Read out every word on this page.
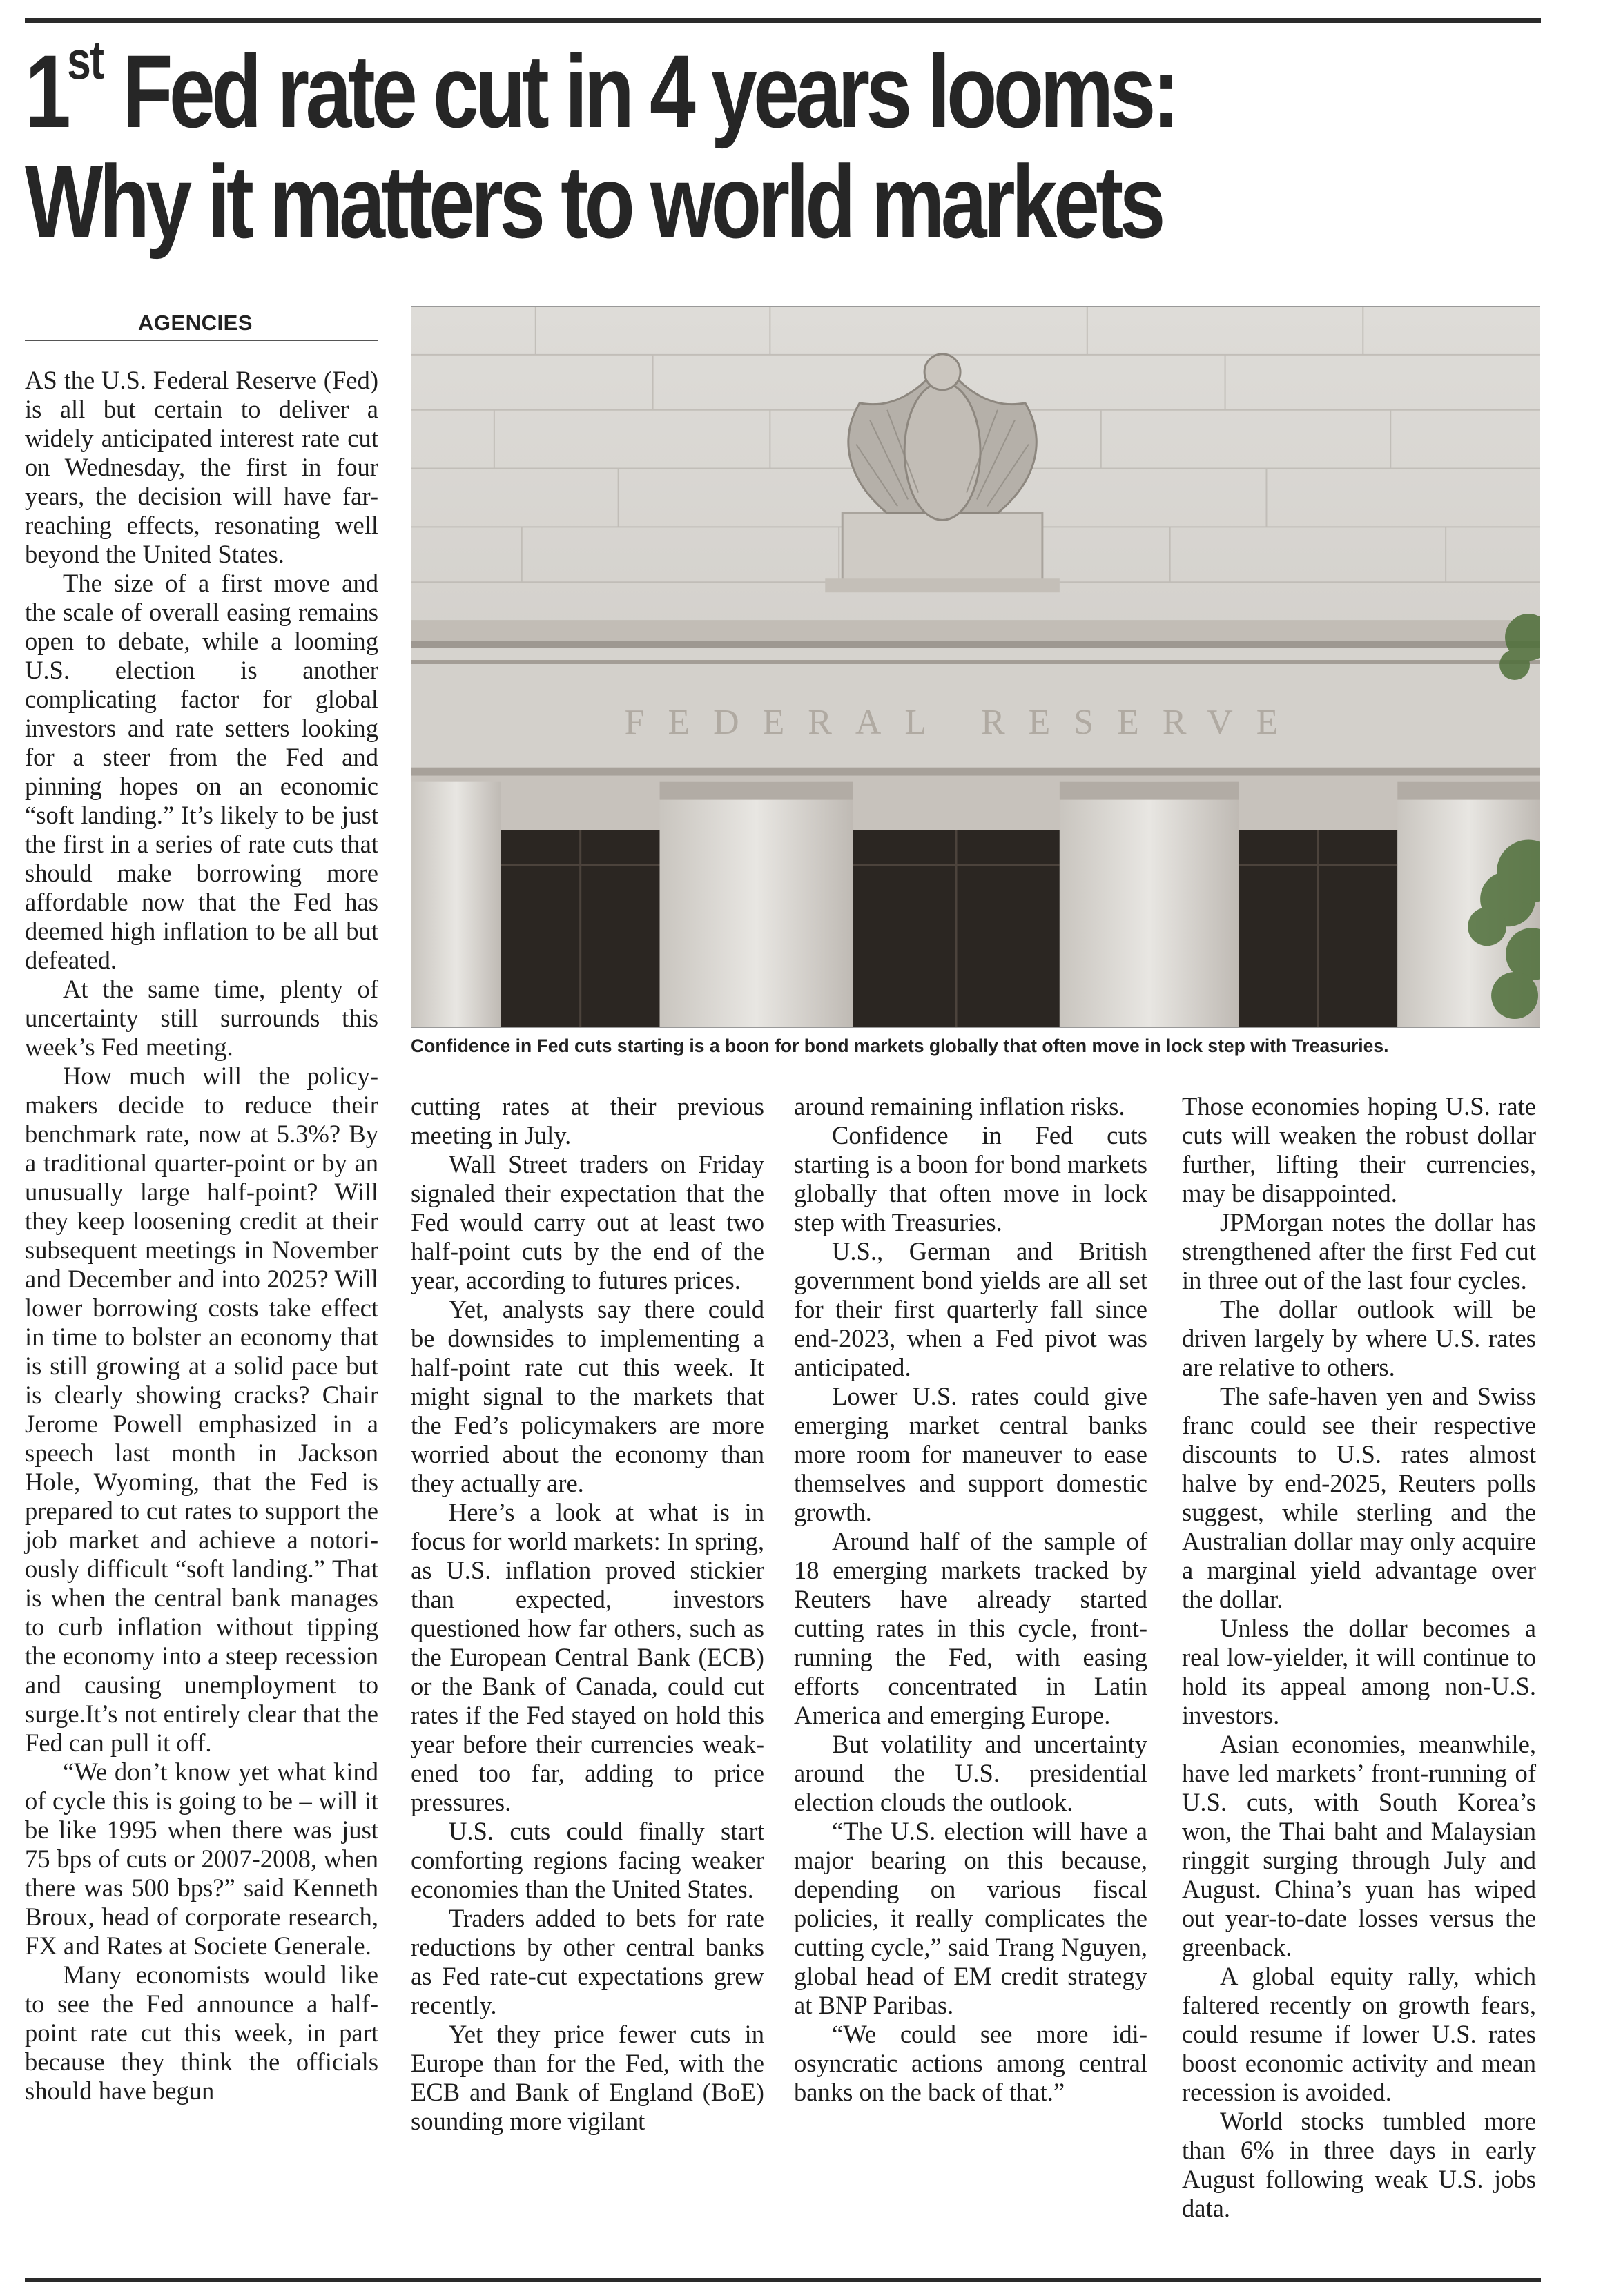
1st Fed rate cut in 4 years looms:
Why it matters to world markets
AGENCIES
FEDERAL RESERVE
Confidence in Fed cuts starting is a boon for bond markets globally that often move in lock step with Treasuries.

AS the U.S. Federal Reserve (Fed) is all but certain to deliver a widely anticipated interest rate cut on Wednesday, the first in four years, the decision will have far-reaching effects, resonating well beyond the United States.

The size of a first move and the scale of overall easing remains open to debate, while a looming U.S. election is another complicating factor for global investors and rate setters looking for a steer from the Fed and pinning hopes on an economic “soft landing.” It’s likely to be just the first in a series of rate cuts that should make borrowing more affordable now that the Fed has deemed high inflation to be all but defeated.

At the same time, plenty of uncertainty still surrounds this week’s Fed meeting.

How much will the policymakers decide to reduce their benchmark rate, now at 5.3%? By a traditional quarter-point or by an unusually large half-point? Will they keep loosening credit at their subsequent meetings in November and December and into 2025? Will lower borrowing costs take effect in time to bolster an economy that is still growing at a solid pace but is clearly showing cracks? Chair Jerome Powell emphasized in a speech last month in Jackson Hole, Wyoming, that the Fed is prepared to cut rates to support the job market and achieve a notoriously difficult “soft landing.” That is when the central bank manages to curb inflation without tipping the economy into a steep recession and causing unemployment to surge.It’s not entirely clear that the Fed can pull it off.

“We don’t know yet what kind of cycle this is going to be – will it be like 1995 when there was just 75 bps of cuts or 2007-2008, when there was 500 bps?” said Kenneth Broux, head of corporate research, FX and Rates at Societe Generale.

Many economists would like to see the Fed announce a half-point rate cut this week, in part because they think the officials should have begun

cutting rates at their previous meeting in July.

Wall Street traders on Friday signaled their expectation that the Fed would carry out at least two half-point cuts by the end of the year, according to futures prices.

Yet, analysts say there could be downsides to implementing a half-point rate cut this week. It might signal to the markets that the Fed’s policymakers are more worried about the economy than they actually are.

Here’s a look at what is in focus for world markets: In spring, as U.S. inflation proved stickier than expected, investors questioned how far others, such as the European Central Bank (ECB) or the Bank of Canada, could cut rates if the Fed stayed on hold this year before their currencies weakened too far, adding to price pressures.

U.S. cuts could finally start comforting regions facing weaker economies than the United States.

Traders added to bets for rate reductions by other central banks as Fed rate-cut expectations grew recently.

Yet they price fewer cuts in Europe than for the Fed, with the ECB and Bank of England (BoE) sounding more vigilant

around remaining inflation risks.

Confidence in Fed cuts starting is a boon for bond markets globally that often move in lock step with Treasuries.

U.S., German and British government bond yields are all set for their first quarterly fall since end-2023, when a Fed pivot was anticipated.

Lower U.S. rates could give emerging market central banks more room for maneuver to ease themselves and support domestic growth.

Around half of the sample of 18 emerging markets tracked by Reuters have already started cutting rates in this cycle, front-running the Fed, with easing efforts concentrated in Latin America and emerging Europe.

But volatility and uncertainty around the U.S. presidential election clouds the outlook.

“The U.S. election will have a major bearing on this because, depending on various fiscal policies, it really complicates the cutting cycle,” said Trang Nguyen, global head of EM credit strategy at BNP Paribas.

“We could see more idiosyncratic actions among central banks on the back of that.”

Those economies hoping U.S. rate cuts will weaken the robust dollar further, lifting their currencies, may be disappointed.

JPMorgan notes the dollar has strengthened after the first Fed cut in three out of the last four cycles.

The dollar outlook will be driven largely by where U.S. rates are relative to others.

The safe-haven yen and Swiss franc could see their respective discounts to U.S. rates almost halve by end-2025, Reuters polls suggest, while sterling and the Australian dollar may only acquire a marginal yield advantage over the dollar.

Unless the dollar becomes a real low-yielder, it will continue to hold its appeal among non-U.S. investors.

Asian economies, meanwhile, have led markets’ front-running of U.S. cuts, with South Korea’s won, the Thai baht and Malaysian ringgit surging through July and August. China’s yuan has wiped out year-to-date losses versus the greenback.

A global equity rally, which faltered recently on growth fears, could resume if lower U.S. rates boost economic activity and mean recession is avoided.

World stocks tumbled more than 6% in three days in early August following weak U.S. jobs data.
